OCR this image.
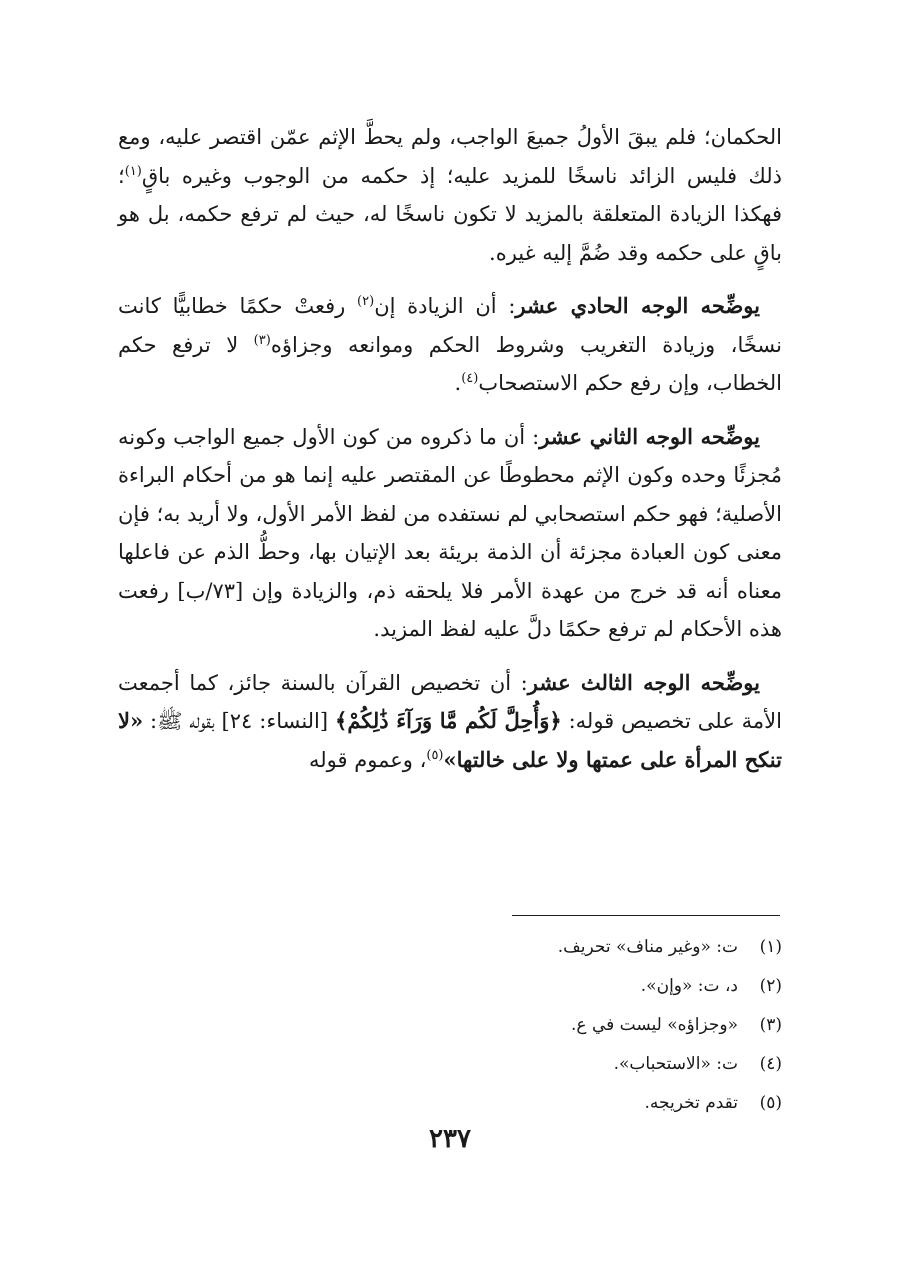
الحكمان؛ فلم يبقَ الأولُ جميعَ الواجب، ولم يحطَّ الإثم عمّن اقتصر عليه، ومع ذلك فليس الزائد ناسخًا للمزيد عليه؛ إذ حكمه من الوجوب وغيره باقٍ$^{(١)}$؛ فهكذا الزيادة المتعلقة بالمزيد لا تكون ناسخًا له، حيث لم ترفع حكمه، بل هو باقٍ على حكمه وقد ضُمَّ إليه غيره.

يوضِّحه الوجه الحادي عشر: أن الزيادة إن$^{(٢)}$ رفعتْ حكمًا خطابيًّا كانت نسخًا، وزيادة التغريب وشروط الحكم وموانعه وجزاؤه$^{(٣)}$ لا ترفع حكم الخطاب، وإن رفع حكم الاستصحاب$^{(٤)}$.

يوضِّحه الوجه الثاني عشر: أن ما ذكروه من كون الأول جميع الواجب وكونه مُجزئًا وحده وكون الإثم محطوطًا عن المقتصر عليه إنما هو من أحكام البراءة الأصلية؛ فهو حكم استصحابي لم نستفده من لفظ الأمر الأول، ولا أريد به؛ فإن معنى كون العبادة مجزئة أن الذمة بريئة بعد الإتيان بها، وحطُّ الذم عن فاعلها معناه أنه قد خرج من عهدة الأمر فلا يلحقه ذم، والزيادة وإن [٧٣/ب] رفعت هذه الأحكام لم ترفع حكمًا دلَّ عليه لفظ المزيد.

يوضِّحه الوجه الثالث عشر: أن تخصيص القرآن بالسنة جائز، كما أجمعت الأمة على تخصيص قوله: ﴿وَأُحِلَّ لَكُم مَّا وَرَآءَ ذَٰلِكُمْ﴾ [النساء: ٢٤] بقوله ﷺ: «لا تنكح المرأة على عمتها ولا على خالتها»$^{(٥)}$، وعموم قوله

(١)ت: «وغير مناف» تحريف.
(٢)د، ت: «وإن».
(٣)«وجزاؤه» ليست في ع.
(٤)ت: «الاستحباب».
(٥)تقدم تخريجه.
٢٣٧
